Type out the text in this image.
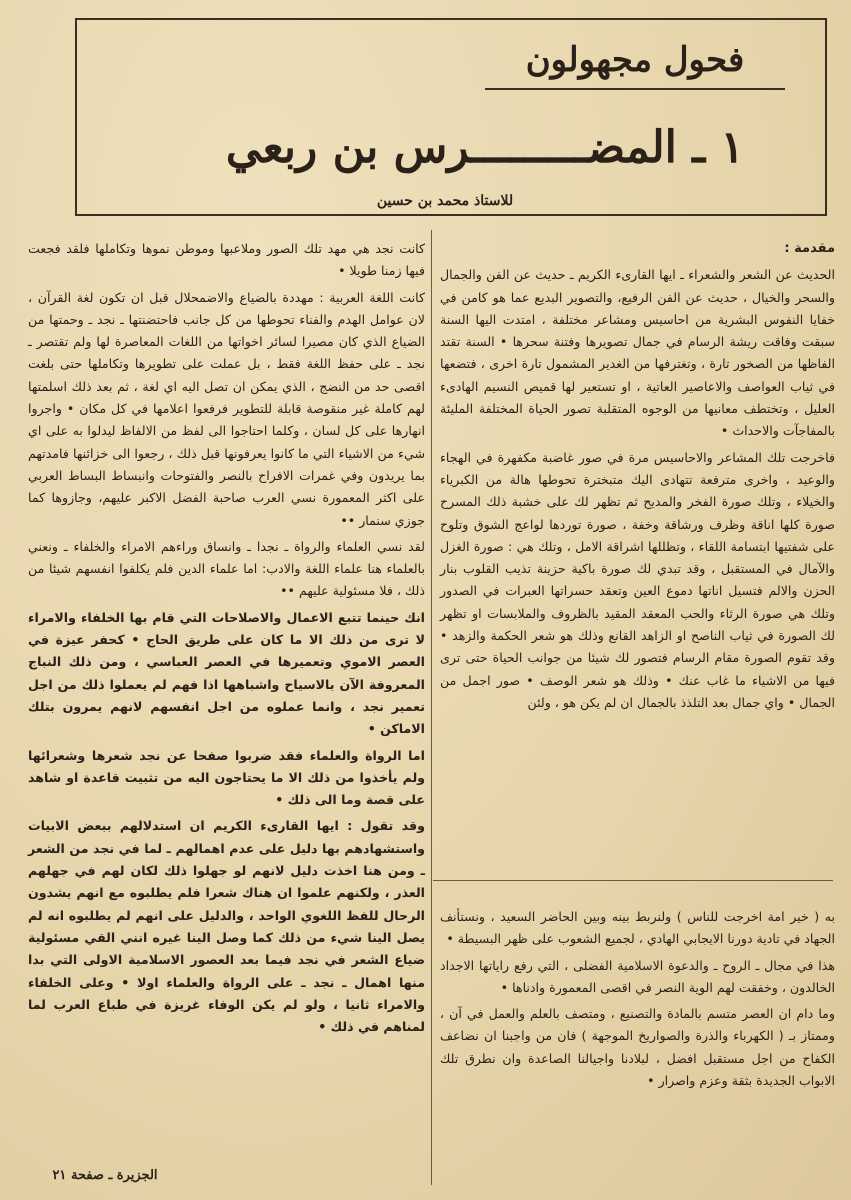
فحول مجهولون
١ ـ المضـــــــــرس بن ربعي
للاستاذ محمد بن حسين
مقدمة :

الحديث عن الشعر والشعراء ـ ايها القارىء الكريم ـ حديث عن الفن والجمال والسحر والخيال ، حديث عن الفن الرفيع، والتصوير البديع عما هو كامن في خفايا النفوس البشرية من احاسيس ومشاعر مختلفة ، امتدت اليها السنة سبقت وفاقت ريشة الرسام في جمال تصويرها وفتنة سحرها • السنة تقتد الفاظها من الصخور تارة ، وتغترفها من الغدير المشمول تارة اخرى ، فتضعها في ثياب العواصف والاعاصير العاتية ، او تستعير لها قميص النسيم الهادىء العليل ، وتختطف معانيها من الوجوه المتقلبة تصور الحياة المختلفة المليئة بالمفاجآت والاحداث •

فاخرجت تلك المشاعر والاحاسيس مرة في صور غاضبة مكفهرة في الهجاء والوعيد ، واخرى مترفعة تتهادى اليك متبخترة تحوطها هالة من الكبرياء والخيلاء ، وتلك صورة الفخر والمديح ثم تظهر لك على خشبة ذلك المسرح صورة كلها اناقة وظرف ورشاقة وخفة ، صورة توردها لواعج الشوق وتلوح على شفتيها ابتسامة اللقاء ، وتظللها اشراقة الامل ، وتلك هي : صورة الغزل والآمال في المستقبل ، وقد تبدي لك صورة باكية حزينة تذيب القلوب بنار الحزن والالم فتسيل اناتها دموع العين وتعقد حسراتها العبرات في الصدور وتلك هي صورة الرثاء والحب المعقد المقيد بالظروف والملابسات او تظهر لك الصورة في ثياب الناصح او الزاهد القانع وذلك هو شعر الحكمة والزهد • وقد تقوم الصورة مقام الرسام فتصور لك شيئا من جوانب الحياة حتى ترى فيها من الاشياء ما غاب عنك • وذلك هو شعر الوصف • صور اجمل من الجمال • واي جمال بعد التلذذ بالجمال ان لم يكن هو ، ولئن

كانت نجد هي مهد تلك الصور وملاعبها وموطن نموها وتكاملها فلقد فجعت فيها زمنا طويلا •

كانت اللغة العربية : مهددة بالضياع والاضمحلال قبل ان تكون لغة القرآن ، لان عوامل الهدم والفناء تحوطها من كل جانب فاحتضنتها ـ نجد ـ وحمتها من الضياع الذي كان مصيرا لسائر اخواتها من اللغات المعاصرة لها ولم تقتصر ـ نجد ـ على حفظ اللغة فقط ، بل عملت على تطويرها وتكاملها حتى بلغت اقصى حد من النضج ، الذي يمكن ان تصل اليه اي لغة ، ثم بعد ذلك اسلمتها لهم كاملة غير منقوصة قابلة للتطوير فرفعوا اعلامها في كل مكان • واجروا انهارها على كل لسان ، وكلما احتاجوا الى لفظ من الالفاظ ليدلوا به على اي شيء من الاشياء التي ما كانوا يعرفونها قبل ذلك ، رجعوا الى خزائنها فامدتهم بما يريدون وفي غمرات الافراح بالنصر والفتوحات وانبساط البساط العربي على اكثر المعمورة نسي العرب صاحبة الفضل الاكبر عليهم، وجازوها كما جوزي سنمار ••

لقد نسي العلماء والرواة ـ نجدا ـ وانساق وراءهم الامراء والخلفاء ـ ونعني بالعلماء هنا علماء اللغة والادب: اما علماء الدين فلم يكلفوا انفسهم شيئا من ذلك ، فلا مسئولية عليهم ••

انك حينما تتبع الاعمال والاصلاحات التي قام بها الخلفاء والامراء لا ترى من ذلك الا ما كان على طريق الحاج • كحفر عيزة في العصر الاموي وتعميرها في العصر العباسي ، ومن ذلك النباج المعروفة الآن بالاسياح واشباهها اذا فهم لم يعملوا ذلك من اجل تعمير نجد ، وانما عملوه من اجل انفسهم لانهم يمرون بتلك الاماكن •

اما الرواة والعلماء فقد ضربوا صفحا عن نجد شعرها وشعرائها ولم يأخذوا من ذلك الا ما يحتاجون اليه من تثبيت قاعدة او شاهد على قصة وما الى ذلك •

وقد تقول : ايها القارىء الكريم ان استدلالهم ببعض الابيات واستشهادهم بها دليل على عدم اهمالهم ـ لما في نجد من الشعر ـ ومن هنا اخذت دليل لانهم لو جهلوا ذلك لكان لهم في جهلهم العذر ، ولكنهم علموا ان هناك شعرا فلم يطلبوه مع انهم يشدون الرحال للفظ اللغوي الواحد ، والدليل على انهم لم يطلبوه انه لم يصل الينا شيء من ذلك كما وصل الينا غيره انني القي مسئولية ضياع الشعر في نجد فيما بعد العصور الاسلامية الاولى التي بدا منها اهمال ـ نجد ـ على الرواة والعلماء اولا • وعلى الخلفاء والامراء ثانيا ، ولو لم يكن الوفاء غريزة في طباع العرب لما لمناهم في ذلك •

به ( خير امة اخرجت للناس ) ولنربط بينه وبين الحاضر السعيد ، ونستأنف الجهاد في تادية دورنا الايجابي الهادي ، لجميع الشعوب على ظهر البسيطة •

هذا في مجال ـ الروح ـ والدعوة الاسلامية الفضلى ، التي رفع راياتها الاجداد الخالدون ، وخفقت لهم الوية النصر في اقصى المعمورة وادناها •

وما دام ان العصر متسم بالمادة والتصنيع ، ومتصف بالعلم والعمل في آن ، وممتاز بـ ( الكهرباء والذرة والصواريخ الموجهة ) فان من واجبنا ان نضاعف الكفاح من اجل مستقبل افضل ، لبلادنا واجيالنا الصاعدة وان نطرق تلك الابواب الجديدة بثقة وعزم واصرار •

الجزيرة ـ صفحة ٢١
